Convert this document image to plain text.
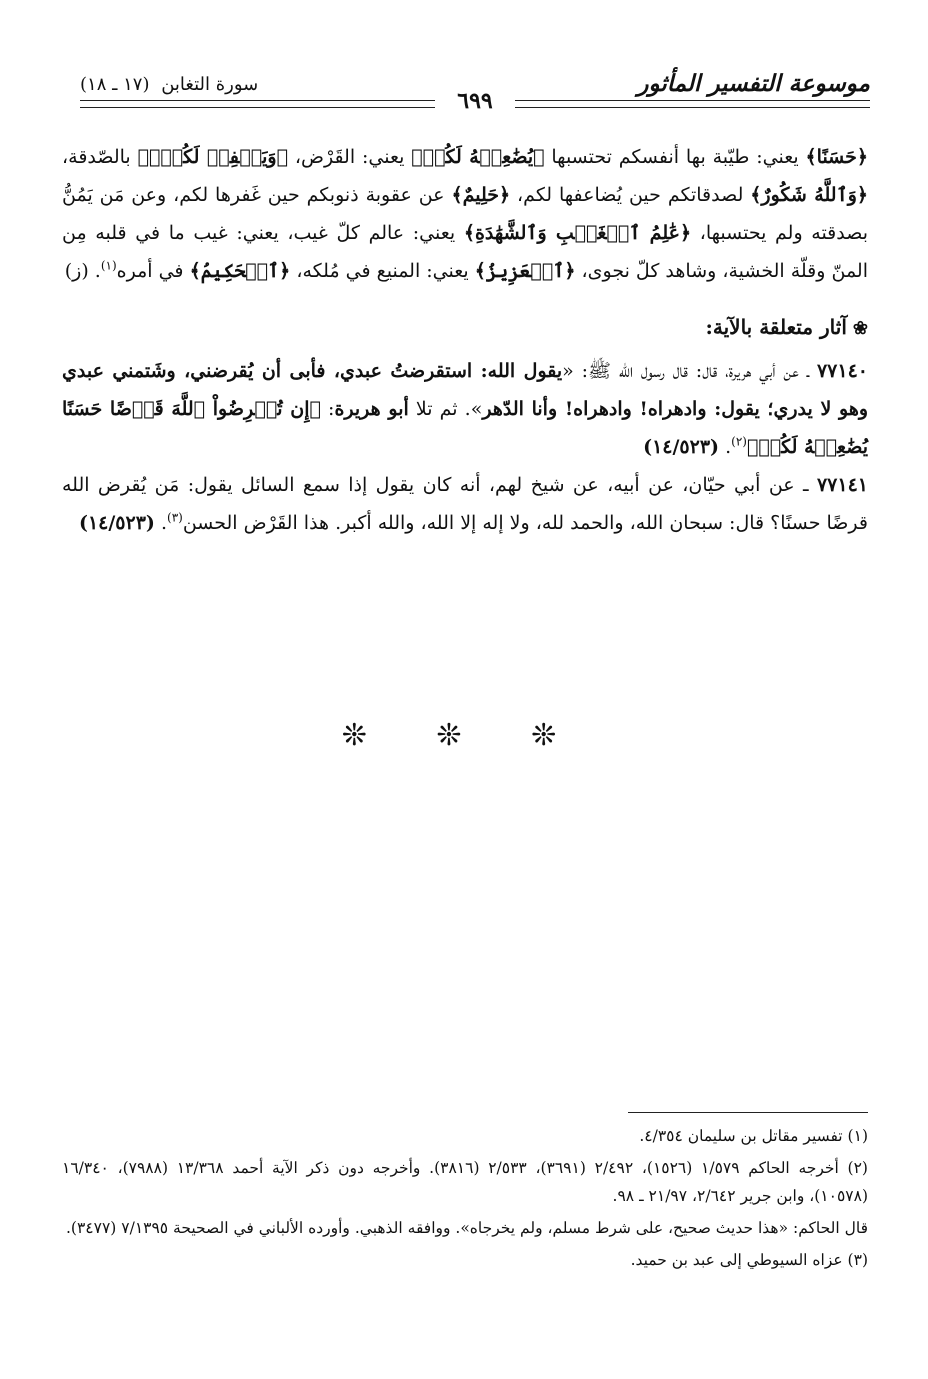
موسوعة التفسير المأثور
سورة التغابن (١٧ ـ ١٨)
٦٩٩

﴿حَسَنًا﴾ يعني: طيّبة بها أنفسكم تحتسبها ﴿يُضَٰعِفۡهُ لَكُمۡ﴾ يعني: القَرْض، ﴿وَيَغۡفِرۡ لَكُمۡۚ﴾ بالصّدقة، ﴿وَٱللَّهُ شَكُورٌ﴾ لصدقاتكم حين يُضاعفها لكم، ﴿حَلِيمٌ﴾ عن عقوبة ذنوبكم حين غَفرها لكم، وعن مَن يَمُنُّ بصدقته ولم يحتسبها، ﴿عَٰلِمُ ٱلۡغَيۡبِ وَٱلشَّهَٰدَةِ﴾ يعني: عالم كلّ غيب، يعني: غيب ما في قلبه مِن المنّ وقلّة الخشية، وشاهد كلّ نجوى، ﴿ٱلۡعَزِيزُ﴾ يعني: المنيع في مُلكه، ﴿ٱلۡحَكِيمُ﴾ في أمره$^{(١)}$. (ز)

❀آثار متعلقة بالآية:

٧٧١٤٠ ـ عن أبي هريرة، قال: قال رسول الله ﷺ: «يقول الله: استقرضتُ عبدي، فأبى أن يُقرضني، وشَتمني عبدي وهو لا يدري؛ يقول: وادهراه! وادهراه! وأنا الدّهر». ثم تلا أبو هريرة: ﴿إِن تُقۡرِضُواْ ٱللَّهَ قَرۡضًا حَسَنًا يُضَٰعِفۡهُ لَكُمۡ﴾$^{(٢)}$. (١٤/٥٢٣)

٧٧١٤١ ـ عن أبي حيّان، عن أبيه، عن شيخ لهم، أنه كان يقول إذا سمع السائل يقول: مَن يُقرض الله قرضًا حسنًا؟ قال: سبحان الله، والحمد لله، ولا إله إلا الله، والله أكبر. هذا القَرْض الحسن$^{(٣)}$. (١٤/٥٢٣)

❊ ❊ ❊

(١) تفسير مقاتل بن سليمان ٤/٣٥٤.

(٢) أخرجه الحاكم ١/٥٧٩ (١٥٢٦)، ٢/٤٩٢ (٣٦٩١)، ٢/٥٣٣ (٣٨١٦). وأخرجه دون ذكر الآية أحمد ١٣/٣٦٨ (٧٩٨٨)، ١٦/٣٤٠ (١٠٥٧٨)، وابن جرير ٢/٦٤٢، ٢١/٩٧ ـ ٩٨.

قال الحاكم: «هذا حديث صحيح، على شرط مسلم، ولم يخرجاه». ووافقه الذهبي. وأورده الألباني في الصحيحة ٧/١٣٩٥ (٣٤٧٧).

(٣) عزاه السيوطي إلى عبد بن حميد.
